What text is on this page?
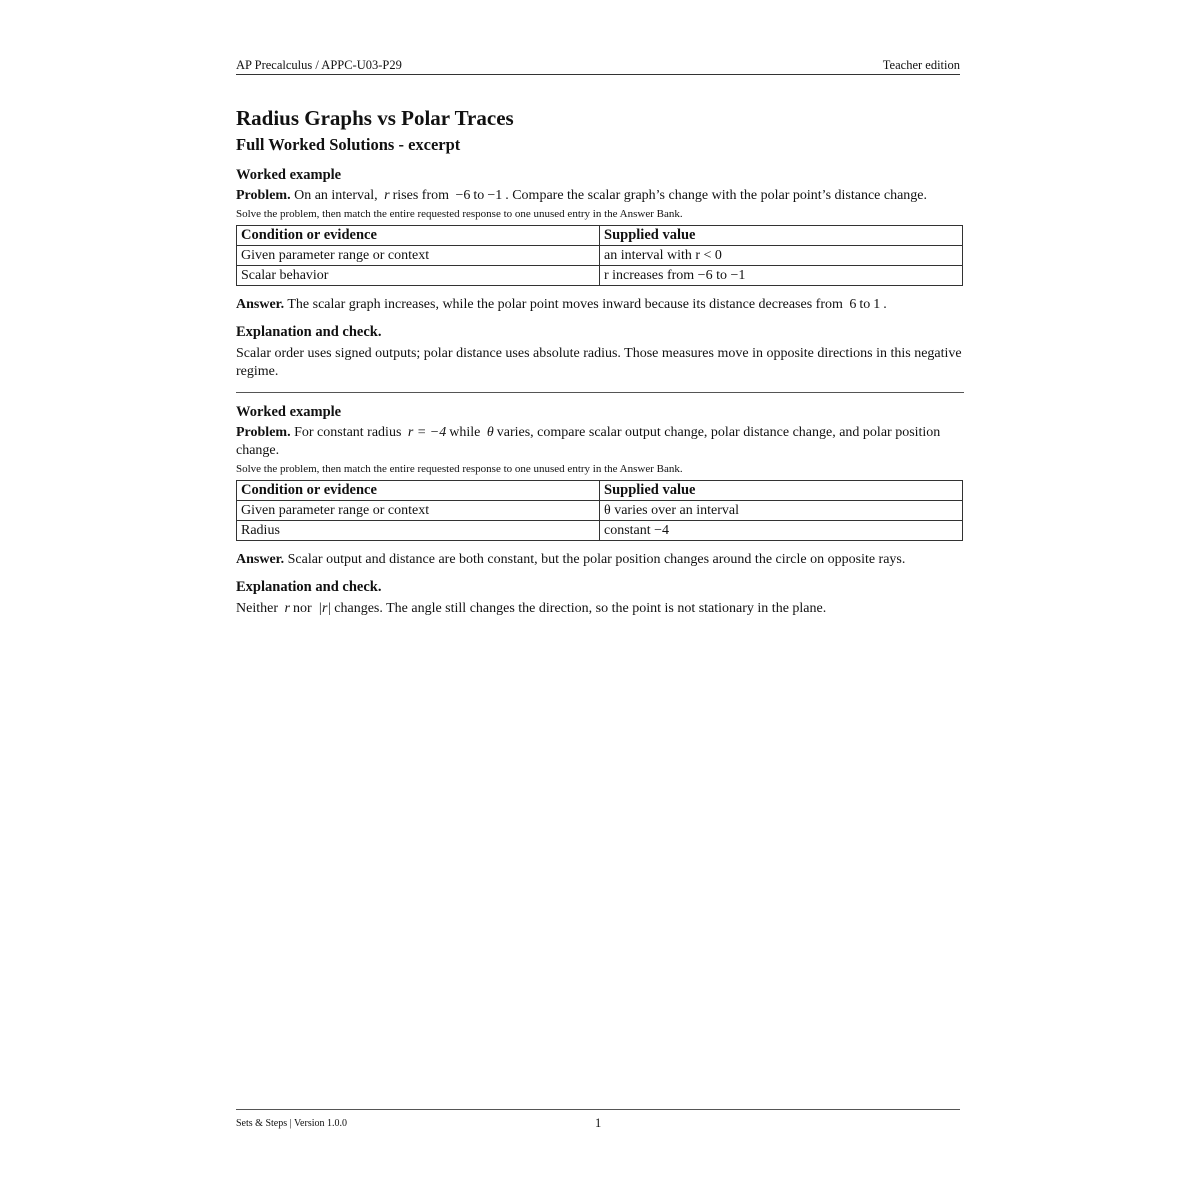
AP Precalculus / APPC-U03-P29	Teacher edition
Radius Graphs vs Polar Traces
Full Worked Solutions - excerpt
Worked example
Problem. On an interval, r rises from −6 to −1 . Compare the scalar graph’s change with the polar point’s distance change.
Solve the problem, then match the entire requested response to one unused entry in the Answer Bank.
Condition or evidence	Supplied value
Given parameter range or context	an interval with r < 0
Scalar behavior	r increases from −6 to −1
Answer. The scalar graph increases, while the polar point moves inward because its distance decreases from 6 to 1 .
Explanation and check.
Scalar order uses signed outputs; polar distance uses absolute radius. Those measures move in opposite directions in this negative regime.
Worked example
Problem. For constant radius r = −4 while θ varies, compare scalar output change, polar distance change, and polar position change.
Solve the problem, then match the entire requested response to one unused entry in the Answer Bank.
Condition or evidence	Supplied value
Given parameter range or context	θ varies over an interval
Radius	constant −4
Answer. Scalar output and distance are both constant, but the polar position changes around the circle on opposite rays.
Explanation and check.
Neither r nor |r| changes. The angle still changes the direction, so the point is not stationary in the plane.
Sets & Steps | Version 1.0.0	1
